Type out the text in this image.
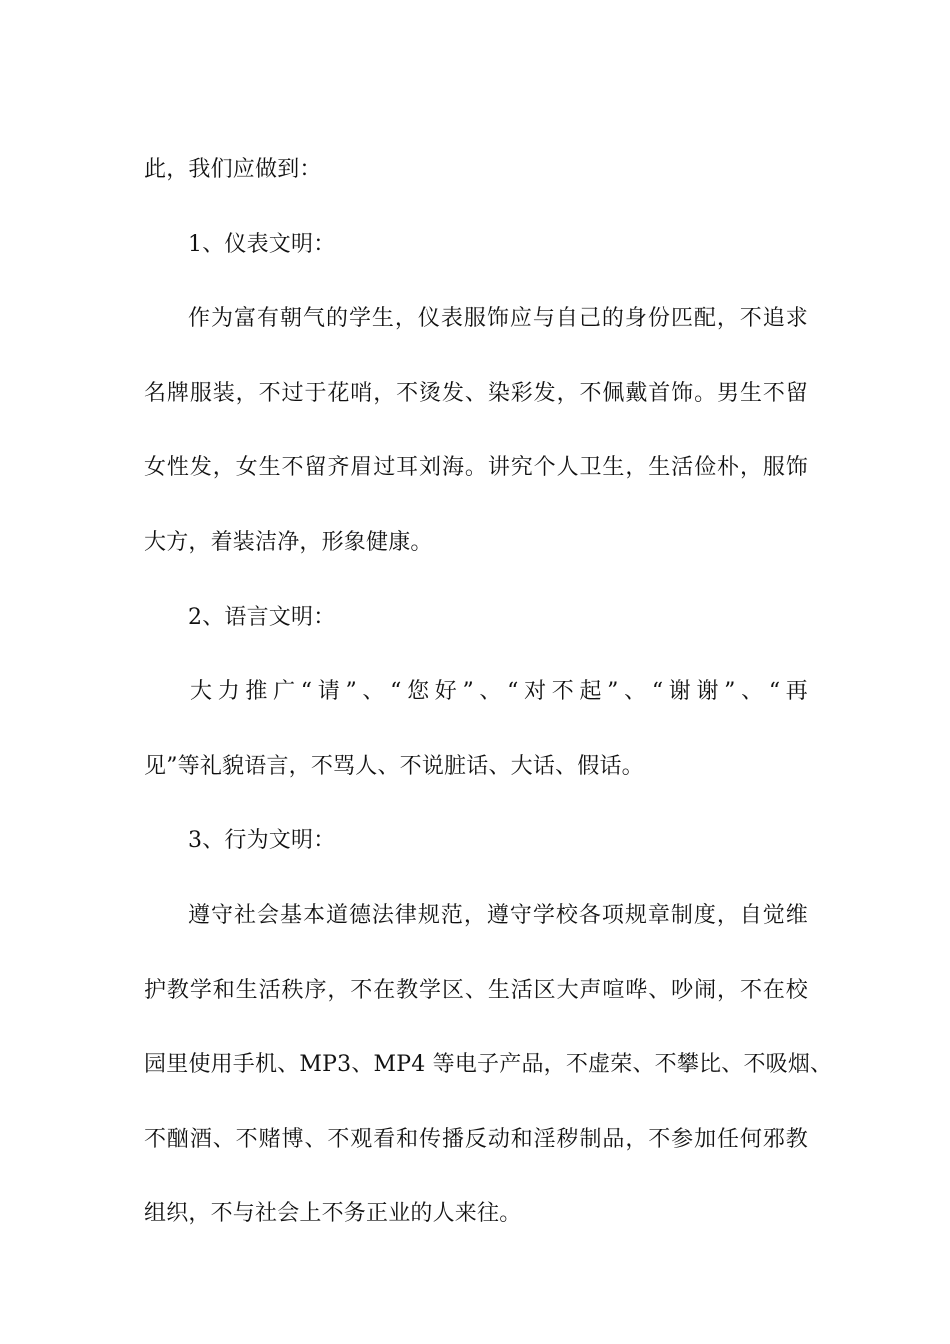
此，我们应做到：
1、仪表文明：
作为富有朝气的学生，仪表服饰应与自己的身份匹配，不追求
名牌服装，不过于花哨，不烫发、染彩发，不佩戴首饰。男生不留
女性发，女生不留齐眉过耳刘海。讲究个人卫生，生活俭朴，服饰
大方，着装洁净，形象健康。
2、语言文明：
大力推广“请”、“您好”、“对不起”、“谢谢”、“再
见”等礼貌语言，不骂人、不说脏话、大话、假话。
3、行为文明：
遵守社会基本道德法律规范，遵守学校各项规章制度，自觉维
护教学和生活秩序，不在教学区、生活区大声喧哗、吵闹，不在校
园里使用手机、MP3、MP4 等电子产品，不虚荣、不攀比、不吸烟、
不酗酒、不赌博、不观看和传播反动和淫秽制品，不参加任何邪教
组织，不与社会上不务正业的人来往。
